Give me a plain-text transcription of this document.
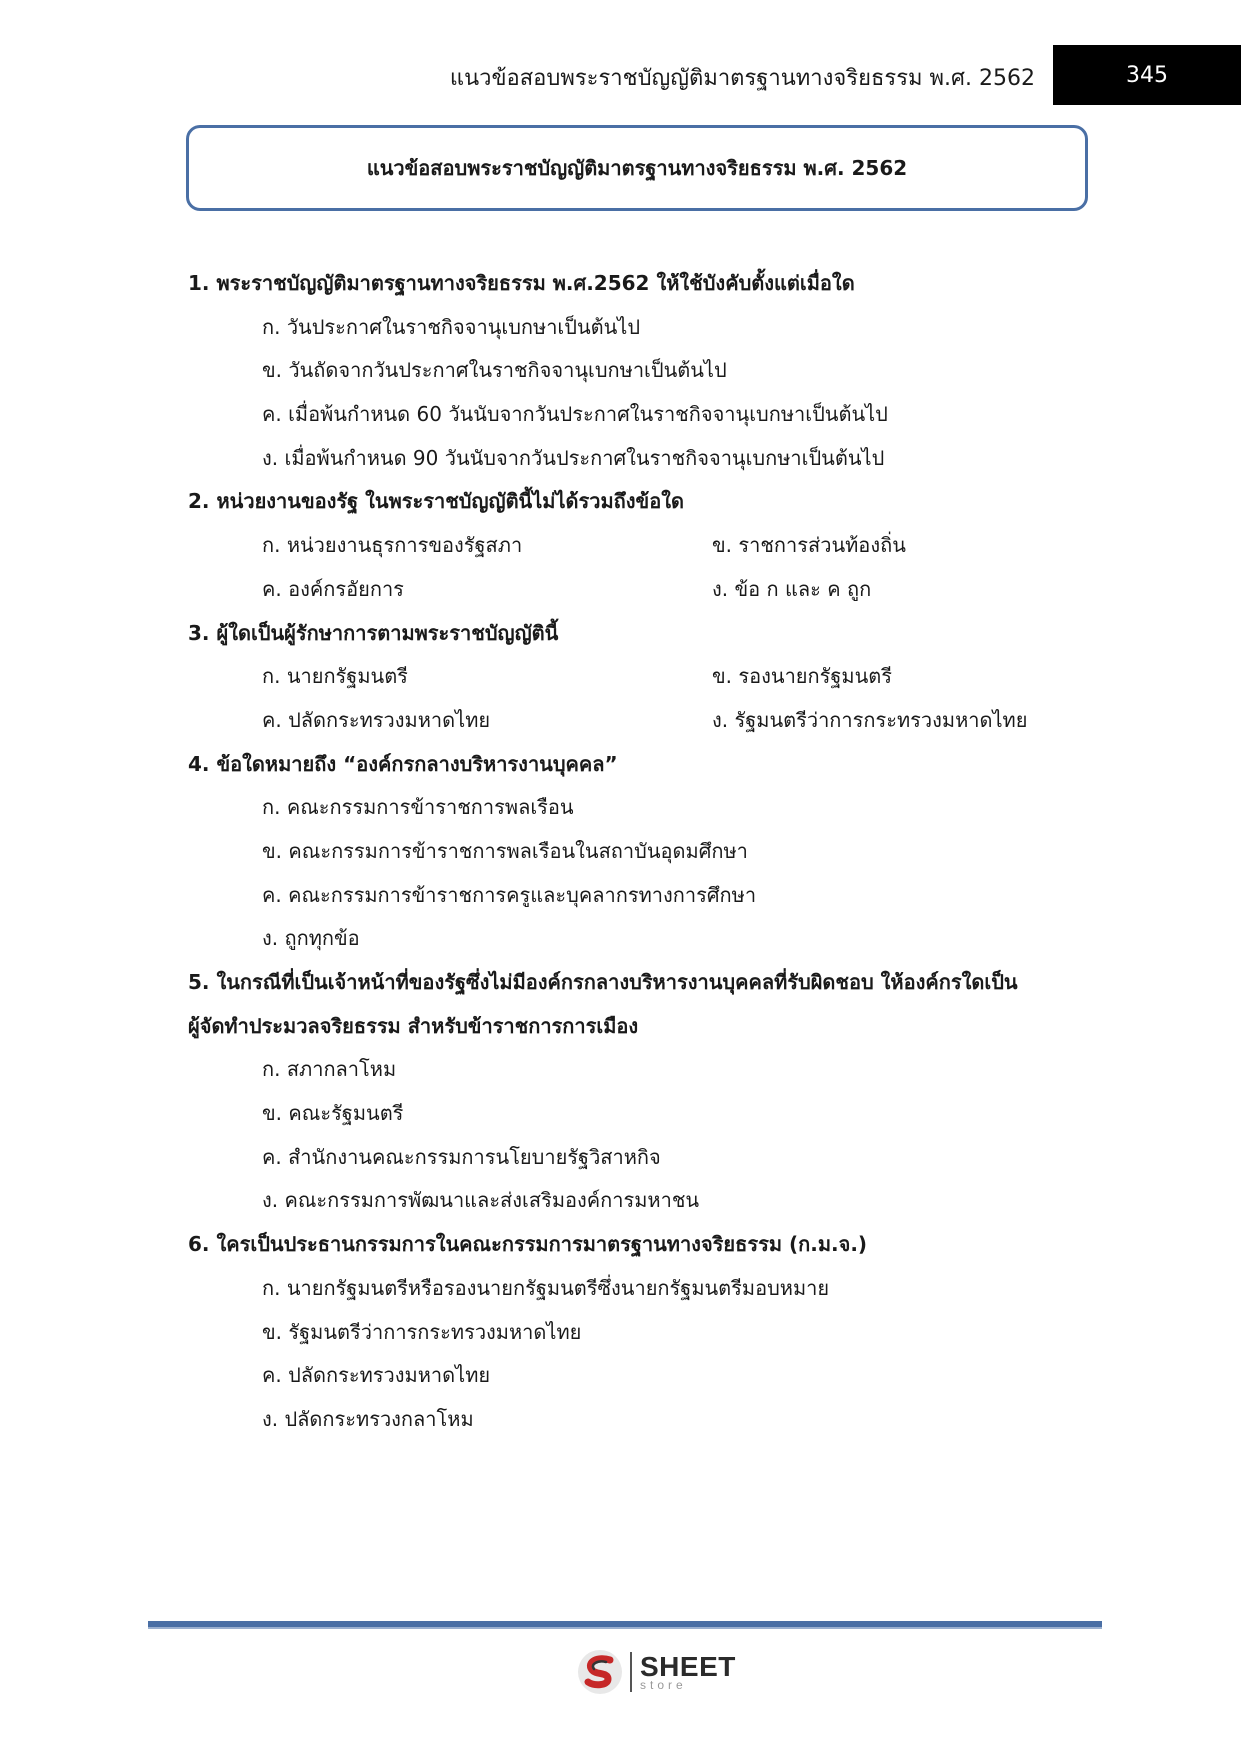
แนวข้อสอบพระราชบัญญัติมาตรฐานทางจริยธรรม พ.ศ. 2562	345
แนวข้อสอบพระราชบัญญัติมาตรฐานทางจริยธรรม พ.ศ. 2562
1. พระราชบัญญัติมาตรฐานทางจริยธรรม พ.ศ.2562 ให้ใช้บังคับตั้งแต่เมื่อใด
ก. วันประกาศในราชกิจจานุเบกษาเป็นต้นไป
ข. วันถัดจากวันประกาศในราชกิจจานุเบกษาเป็นต้นไป
ค. เมื่อพ้นกำหนด 60 วันนับจากวันประกาศในราชกิจจานุเบกษาเป็นต้นไป
ง. เมื่อพ้นกำหนด 90 วันนับจากวันประกาศในราชกิจจานุเบกษาเป็นต้นไป
2. หน่วยงานของรัฐ ในพระราชบัญญัตินี้ไม่ได้รวมถึงข้อใด
ก. หน่วยงานธุรการของรัฐสภา	ข. ราชการส่วนท้องถิ่น
ค. องค์กรอัยการ	ง. ข้อ ก และ ค ถูก
3. ผู้ใดเป็นผู้รักษาการตามพระราชบัญญัตินี้
ก. นายกรัฐมนตรี	ข. รองนายกรัฐมนตรี
ค. ปลัดกระทรวงมหาดไทย	ง. รัฐมนตรีว่าการกระทรวงมหาดไทย
4. ข้อใดหมายถึง “องค์กรกลางบริหารงานบุคคล”
ก. คณะกรรมการข้าราชการพลเรือน
ข. คณะกรรมการข้าราชการพลเรือนในสถาบันอุดมศึกษา
ค. คณะกรรมการข้าราชการครูและบุคลากรทางการศึกษา
ง. ถูกทุกข้อ
5. ในกรณีที่เป็นเจ้าหน้าที่ของรัฐซึ่งไม่มีองค์กรกลางบริหารงานบุคคลที่รับผิดชอบ ให้องค์กรใดเป็น
ผู้จัดทำประมวลจริยธรรม สำหรับข้าราชการการเมือง
ก. สภากลาโหม
ข. คณะรัฐมนตรี
ค. สำนักงานคณะกรรมการนโยบายรัฐวิสาหกิจ
ง. คณะกรรมการพัฒนาและส่งเสริมองค์การมหาชน
6. ใครเป็นประธานกรรมการในคณะกรรมการมาตรฐานทางจริยธรรม (ก.ม.จ.)
ก. นายกรัฐมนตรีหรือรองนายกรัฐมนตรีซึ่งนายกรัฐมนตรีมอบหมาย
ข. รัฐมนตรีว่าการกระทรวงมหาดไทย
ค. ปลัดกระทรวงมหาดไทย
ง. ปลัดกระทรวงกลาโหม
SHEET
store
